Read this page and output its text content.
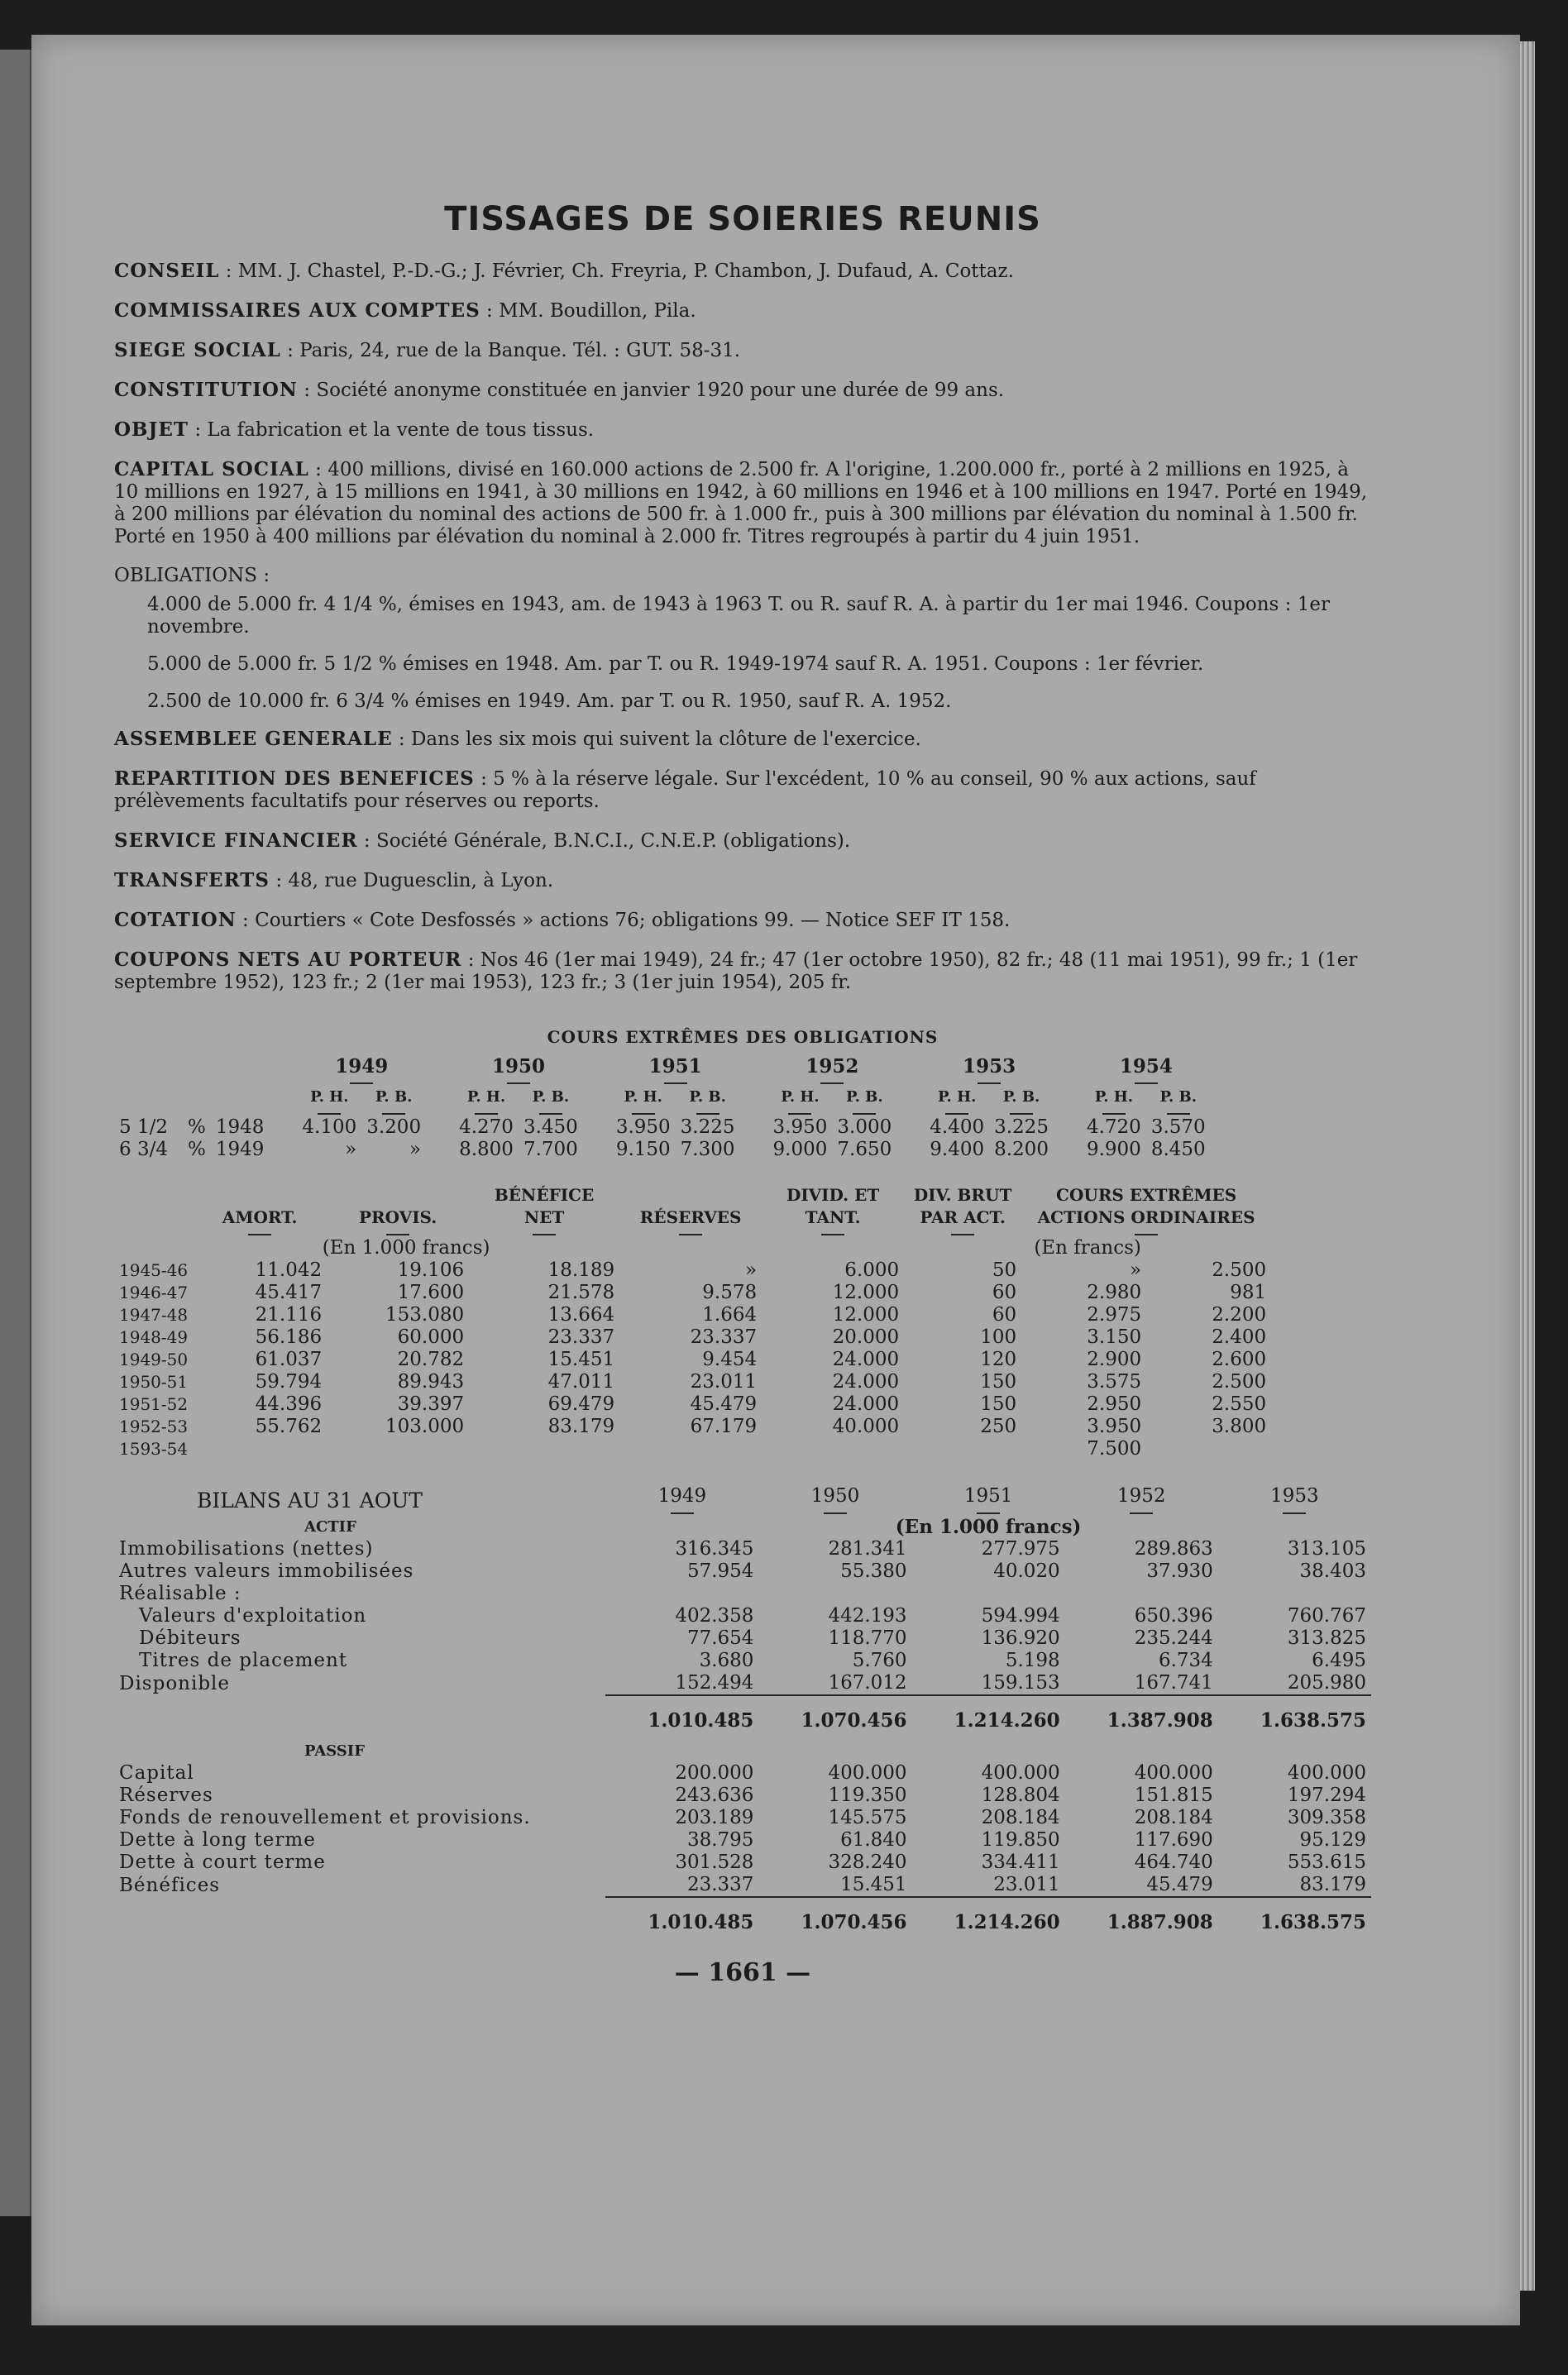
TISSAGES DE SOIERIES REUNIS
CONSEIL : MM. J. Chastel, P.-D.-G.; J. Février, Ch. Freyria, P. Chambon, J. Dufaud, A. Cottaz.
COMMISSAIRES AUX COMPTES : MM. Boudillon, Pila.
SIEGE SOCIAL : Paris, 24, rue de la Banque. Tél. : GUT. 58-31.
CONSTITUTION : Société anonyme constituée en janvier 1920 pour une durée de 99 ans.
OBJET : La fabrication et la vente de tous tissus.
CAPITAL SOCIAL : 400 millions, divisé en 160.000 actions de 2.500 fr. A l'origine, 1.200.000 fr., porté à 2 millions en 1925, à 10 millions en 1927, à 15 millions en 1941, à 30 millions en 1942, à 60 millions en 1946 et à 100 millions en 1947. Porté en 1949, à 200 millions par élévation du nominal des actions de 500 fr. à 1.000 fr., puis à 300 millions par élévation du nominal à 1.500 fr. Porté en 1950 à 400 millions par élévation du nominal à 2.000 fr. Titres regroupés à partir du 4 juin 1951.
OBLIGATIONS :
4.000 de 5.000 fr. 4 1/4 %, émises en 1943, am. de 1943 à 1963 T. ou R. sauf R. A. à partir du 1er mai 1946. Coupons : 1er novembre.
5.000 de 5.000 fr. 5 1/2 % émises en 1948. Am. par T. ou R. 1949-1974 sauf R. A. 1951. Coupons : 1er février.
2.500 de 10.000 fr. 6 3/4 % émises en 1949. Am. par T. ou R. 1950, sauf R. A. 1952.
ASSEMBLEE GENERALE : Dans les six mois qui suivent la clôture de l'exercice.
REPARTITION DES BENEFICES : 5 % à la réserve légale. Sur l'excédent, 10 % au conseil, 90 % aux actions, sauf prélèvements facultatifs pour réserves ou reports.
SERVICE FINANCIER : Société Générale, B.N.C.I., C.N.E.P. (obligations).
TRANSFERTS : 48, rue Duguesclin, à Lyon.
COTATION : Courtiers « Cote Desfossés » actions 76; obligations 99. — Notice SEF IT 158.
COUPONS NETS AU PORTEUR : Nos 46 (1er mai 1949), 24 fr.; 47 (1er octobre 1950), 82 fr.; 48 (11 mai 1951), 99 fr.; 1 (1er septembre 1952), 123 fr.; 2 (1er mai 1953), 123 fr.; 3 (1er juin 1954), 205 fr.
COURS EXTRÊMES DES OBLIGATIONS
			1949		1950		1951		1952		1953		1954	

			P. H.	P. B.	P. H.	P. B.	P. H.	P. B.	P. H.	P. B.	P. H.	P. B.	P. H.	P. B.

5 1/2	%	1948	4.100	3.200	4.270	3.450	3.950	3.225	3.950	3.000	4.400	3.225	4.720	3.570
6 3/4	%	1949	»	»	8.800	7.700	9.150	7.300	9.000	7.650	9.400	8.200	9.900	8.450
	AMORT.	PROVIS.	BÉNÉFICE NET	RÉSERVES	DIVID. ET TANT.	DIV. BRUT PAR ACT.	COURS EXTRÊMES ACTIONS ORDINAIRES	

	(En 1.000 francs)					(En francs)		
1945-46	11.042	19.106	18.189	»	6.000	50	»	2.500
1946-47	45.417	17.600	21.578	9.578	12.000	60	2.980	981
1947-48	21.116	153.080	13.664	1.664	12.000	60	2.975	2.200
1948-49	56.186	60.000	23.337	23.337	20.000	100	3.150	2.400
1949-50	61.037	20.782	15.451	9.454	24.000	120	2.900	2.600
1950-51	59.794	89.943	47.011	23.011	24.000	150	3.575	2.500
1951-52	44.396	39.397	69.479	45.479	24.000	150	2.950	2.550
1952-53	55.762	103.000	83.179	67.179	40.000	250	3.950	3.800
1593-54							7.500	
BILANS AU 31 AOUT	1949	1950	1951	1952	1953

ACTIF		(En 1.000 francs)			
Immobilisations (nettes)	316.345	281.341	277.975	289.863	313.105
Autres valeurs immobilisées	57.954	55.380	40.020	37.930	38.403
Réalisable :					
Valeurs d'exploitation	402.358	442.193	594.994	650.396	760.767
Débiteurs	77.654	118.770	136.920	235.244	313.825
Titres de placement	3.680	5.760	5.198	6.734	6.495
Disponible	152.494	167.012	159.153	167.741	205.980
	1.010.485	1.070.456	1.214.260	1.387.908	1.638.575
PASSIF					
Capital	200.000	400.000	400.000	400.000	400.000
Réserves	243.636	119.350	128.804	151.815	197.294
Fonds de renouvellement et provisions.	203.189	145.575	208.184	208.184	309.358
Dette à long terme	38.795	61.840	119.850	117.690	95.129
Dette à court terme	301.528	328.240	334.411	464.740	553.615
Bénéfices	23.337	15.451	23.011	45.479	83.179
	1.010.485	1.070.456	1.214.260	1.887.908	1.638.575
— 1661 —
